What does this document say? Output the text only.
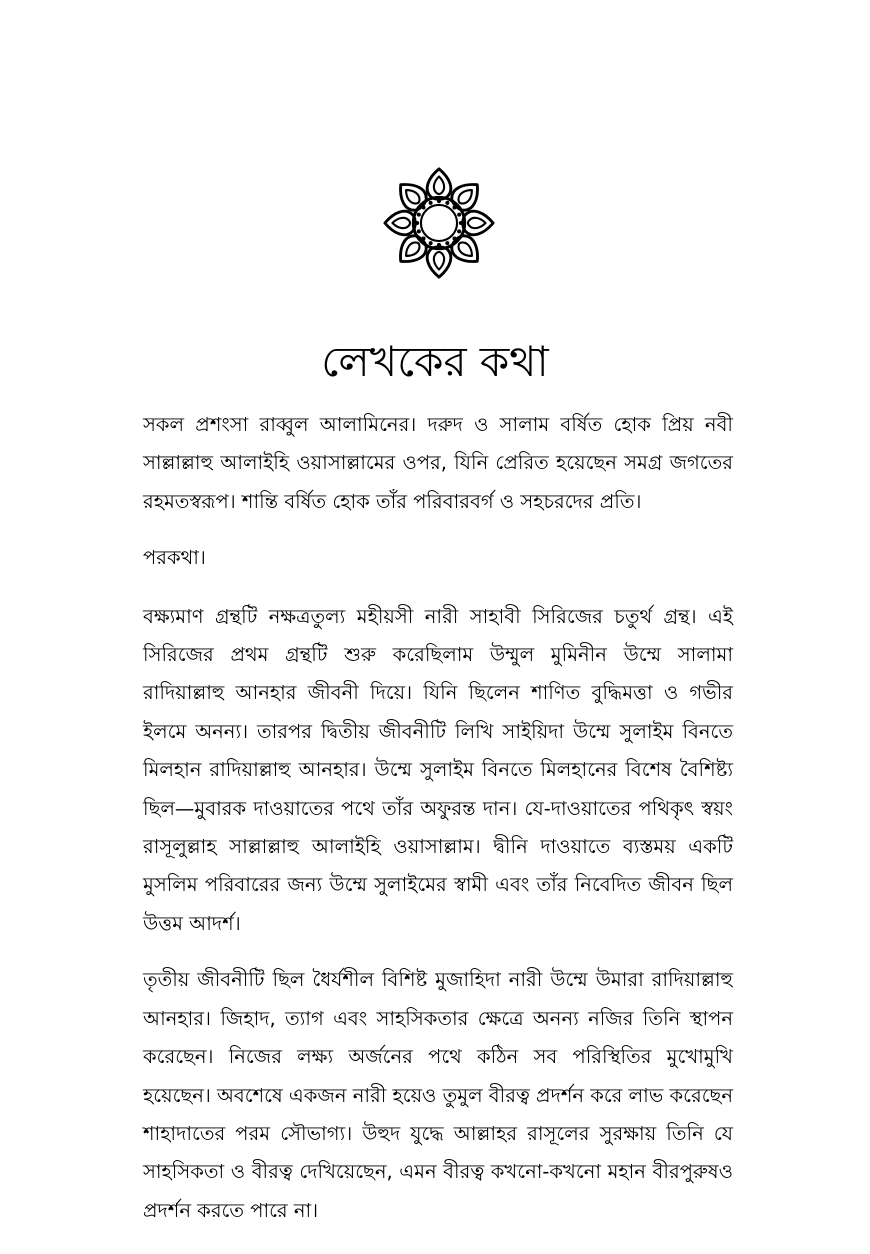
লেখকের কথা

সকল প্রশংসা রাব্বুল আলামিনের। দরুদ ও সালাম বর্ষিত হোক প্রিয় নবী সাল্লাল্লাহু আলাইহি ওয়াসাল্লামের ওপর, যিনি প্রেরিত হয়েছেন সমগ্র জগতের রহমতস্বরূপ। শান্তি বর্ষিত হোক তাঁর পরিবারবর্গ ও সহচরদের প্রতি।

পরকথা।

বক্ষ্যমাণ গ্রন্থটি নক্ষত্রতুল্য মহীয়সী নারী সাহাবী সিরিজের চতুর্থ গ্রন্থ। এই সিরিজের প্রথম গ্রন্থটি শুরু করেছিলাম উম্মুল মুমিনীন উম্মে সালামা রাদিয়াল্লাহু আনহার জীবনী দিয়ে। যিনি ছিলেন শাণিত বুদ্ধিমত্তা ও গভীর ইলমে অনন্য। তারপর দ্বিতীয় জীবনীটি লিখি সাইয়িদা উম্মে সুলাইম বিনতে মিলহান রাদিয়াল্লাহু আনহার। উম্মে সুলাইম বিনতে মিলহানের বিশেষ বৈশিষ্ট্য ছিল—মুবারক দাওয়াতের পথে তাঁর অফুরন্ত দান। যে-দাওয়াতের পথিকৃৎ স্বয়ং রাসূলুল্লাহ সাল্লাল্লাহু আলাইহি ওয়াসাল্লাম। দ্বীনি দাওয়াতে ব্যস্তময় একটি মুসলিম পরিবারের জন্য উম্মে সুলাইমের স্বামী এবং তাঁর নিবেদিত জীবন ছিল উত্তম আদর্শ।

তৃতীয় জীবনীটি ছিল ধৈর্যশীল বিশিষ্ট মুজাহিদা নারী উম্মে উমারা রাদিয়াল্লাহু আনহার। জিহাদ, ত্যাগ এবং সাহসিকতার ক্ষেত্রে অনন্য নজির তিনি স্থাপন করেছেন। নিজের লক্ষ্য অর্জনের পথে কঠিন সব পরিস্থিতির মুখোমুখি হয়েছেন। অবশেষে একজন নারী হয়েও তুমুল বীরত্ব প্রদর্শন করে লাভ করেছেন শাহাদাতের পরম সৌভাগ্য। উহুদ যুদ্ধে আল্লাহর রাসূলের সুরক্ষায় তিনি যে সাহসিকতা ও বীরত্ব দেখিয়েছেন, এমন বীরত্ব কখনো-কখনো মহান বীরপুরুষও প্রদর্শন করতে পারে না।
